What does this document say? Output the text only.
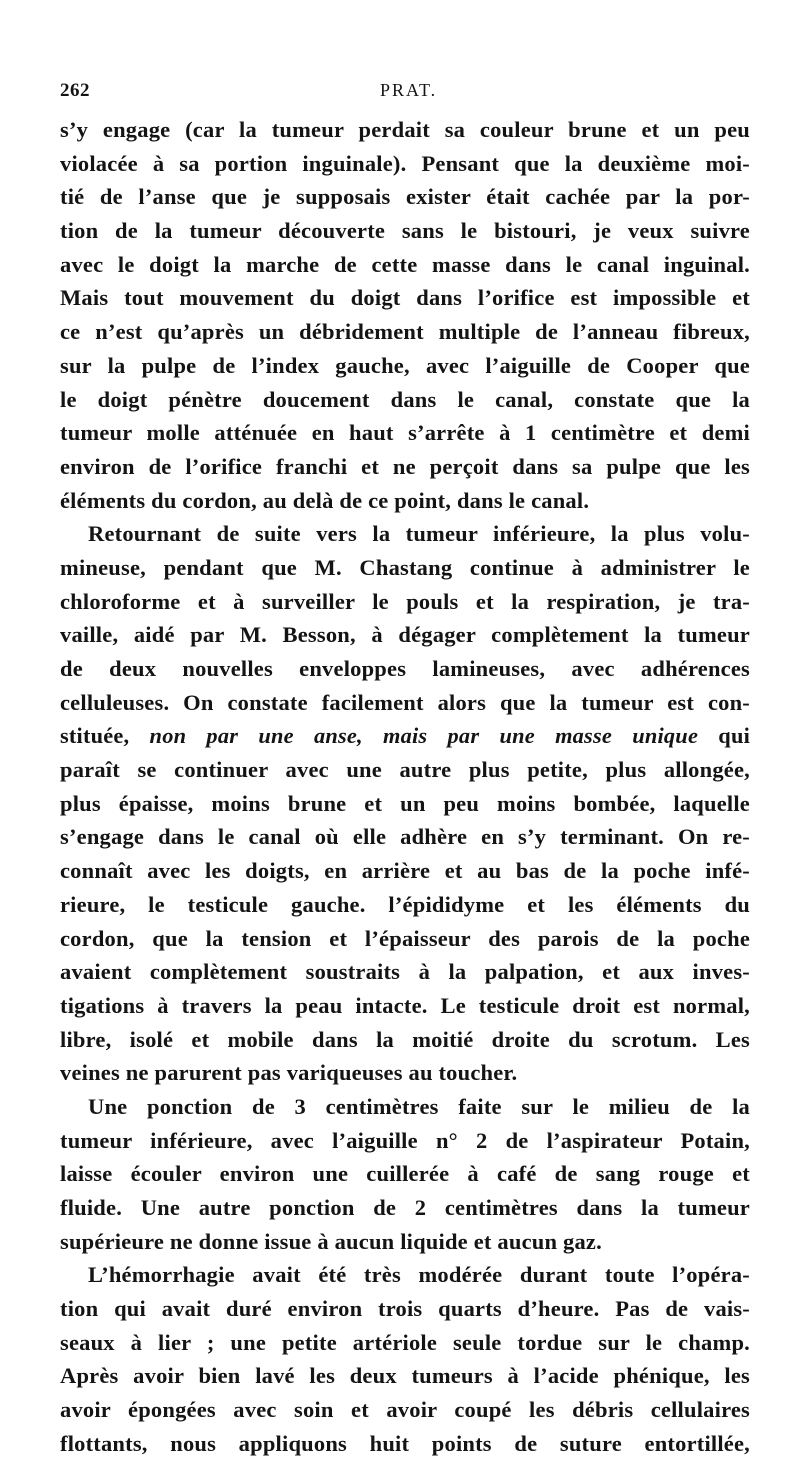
262	PRAT.
s’y engage (car la tumeur perdait sa couleur brune et un peu
violacée à sa portion inguinale). Pensant que la deuxième moi-
tié de l’anse que je supposais exister était cachée par la por-
tion de la tumeur découverte sans le bistouri, je veux suivre
avec le doigt la marche de cette masse dans le canal inguinal.
Mais tout mouvement du doigt dans l’orifice est impossible et
ce n’est qu’après un débridement multiple de l’anneau fibreux,
sur la pulpe de l’index gauche, avec l’aiguille de Cooper que
le doigt pénètre doucement dans le canal, constate que la
tumeur molle atténuée en haut s’arrête à 1 centimètre et demi
environ de l’orifice franchi et ne perçoit dans sa pulpe que les
éléments du cordon, au delà de ce point, dans le canal.
Retournant de suite vers la tumeur inférieure, la plus volu-
mineuse, pendant que M. Chastang continue à administrer le
chloroforme et à surveiller le pouls et la respiration, je tra-
vaille, aidé par M. Besson, à dégager complètement la tumeur
de deux nouvelles enveloppes lamineuses, avec adhérences
celluleuses. On constate facilement alors que la tumeur est con-
stituée, non par une anse, mais par une masse unique qui
paraît se continuer avec une autre plus petite, plus allongée,
plus épaisse, moins brune et un peu moins bombée, laquelle
s’engage dans le canal où elle adhère en s’y terminant. On re-
connaît avec les doigts, en arrière et au bas de la poche infé-
rieure, le testicule gauche. l’épididyme et les éléments du
cordon, que la tension et l’épaisseur des parois de la poche
avaient complètement soustraits à la palpation, et aux inves-
tigations à travers la peau intacte. Le testicule droit est normal,
libre, isolé et mobile dans la moitié droite du scrotum. Les
veines ne parurent pas variqueuses au toucher.
Une ponction de 3 centimètres faite sur le milieu de la
tumeur inférieure, avec l’aiguille n° 2 de l’aspirateur Potain,
laisse écouler environ une cuillerée à café de sang rouge et
fluide. Une autre ponction de 2 centimètres dans la tumeur
supérieure ne donne issue à aucun liquide et aucun gaz.
L’hémorrhagie avait été très modérée durant toute l’opéra-
tion qui avait duré environ trois quarts d’heure. Pas de vais-
seaux à lier ; une petite artériole seule tordue sur le champ.
Après avoir bien lavé les deux tumeurs à l’acide phénique, les
avoir épongées avec soin et avoir coupé les débris cellulaires
flottants, nous appliquons huit points de suture entortillée,
